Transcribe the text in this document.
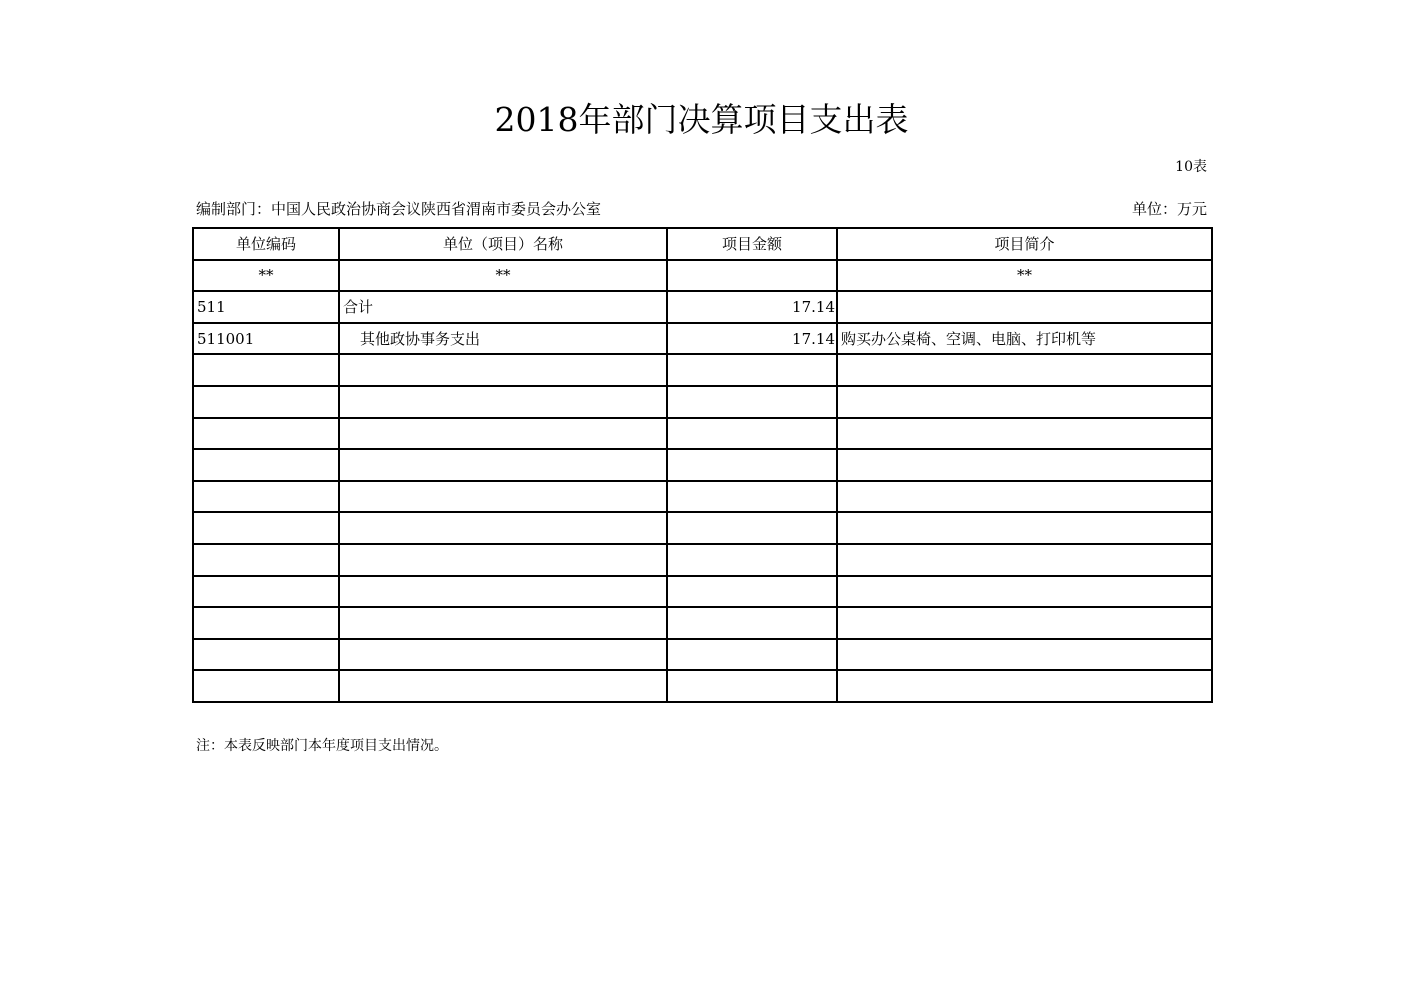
2018年部门决算项目支出表
10表
编制部门：中国人民政治协商会议陕西省渭南市委员会办公室	单位：万元
单位编码	单位（项目）名称	项目金额	项目简介
**	**		**
511	合计	17.14	
511001	其他政协事务支出	17.14	购买办公桌椅、空调、电脑、打印机等

注：本表反映部门本年度项目支出情况。
